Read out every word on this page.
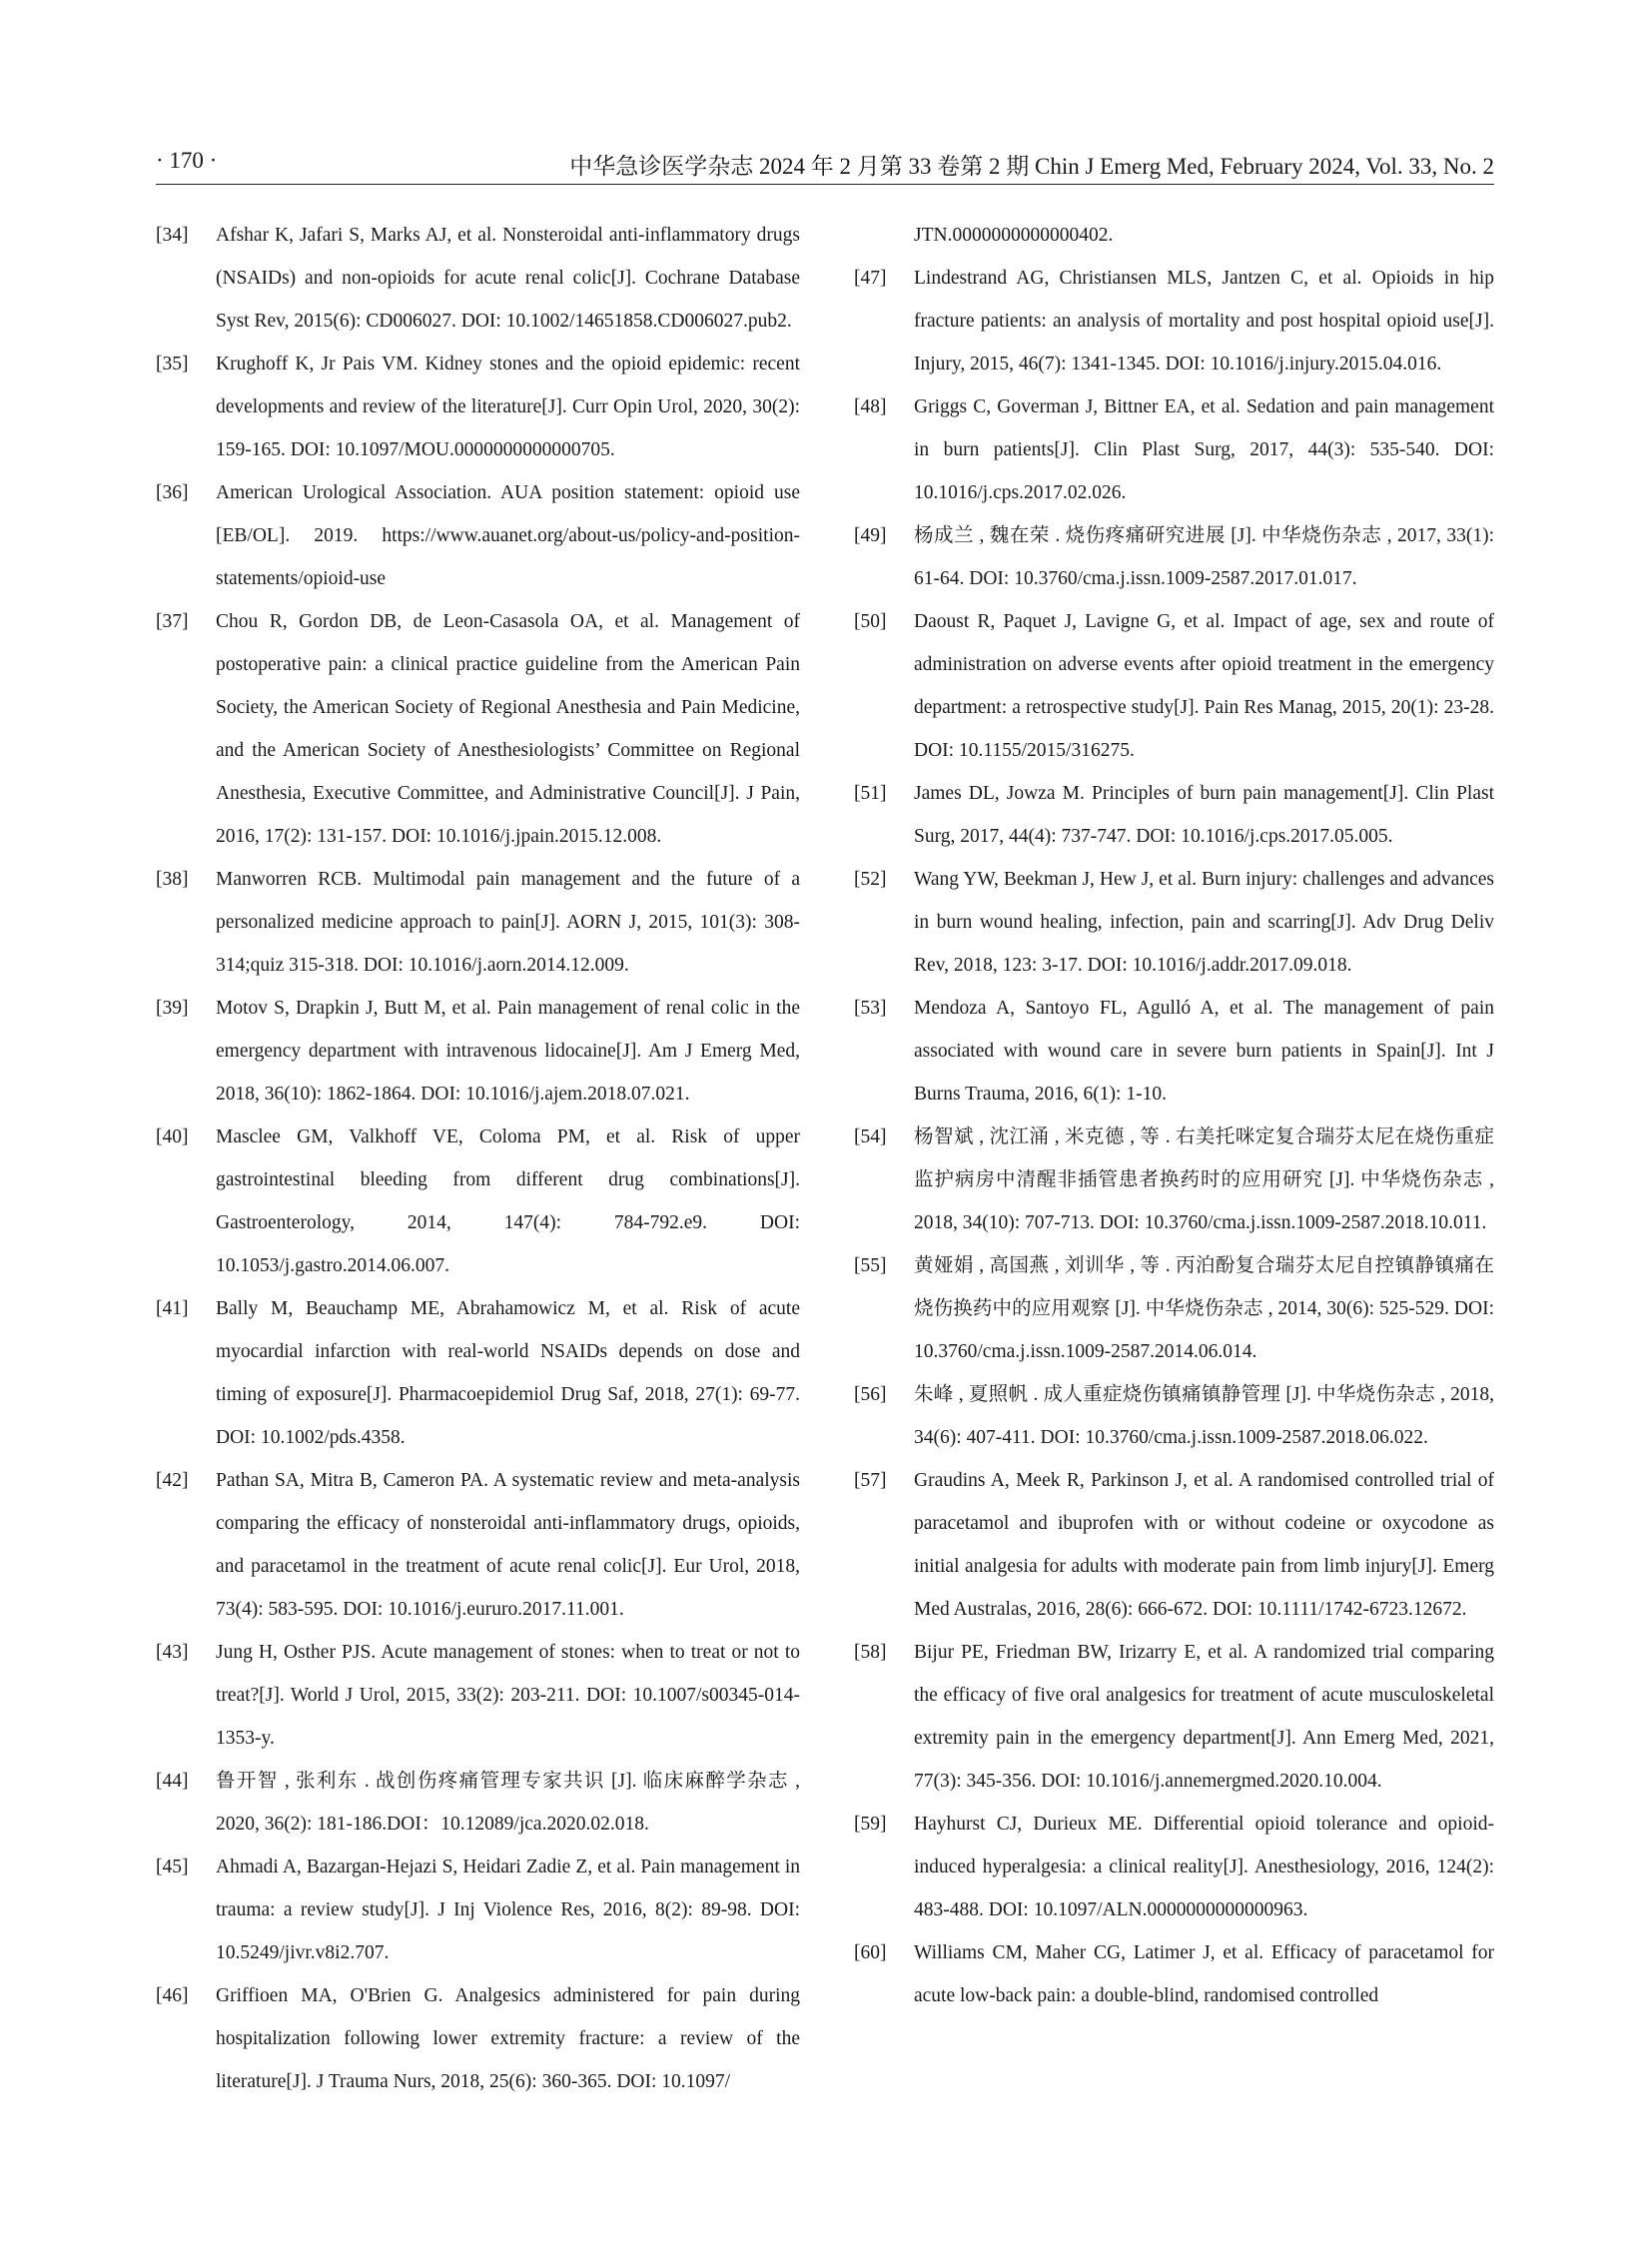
· 170 ·	中华急诊医学杂志 2024 年 2 月第 33 卷第 2 期 Chin J Emerg Med, February 2024, Vol. 33, No. 2
[34]	Afshar K, Jafari S, Marks AJ, et al. Nonsteroidal anti-inflammatory drugs (NSAIDs) and non-opioids for acute renal colic[J]. Cochrane Database Syst Rev, 2015(6): CD006027. DOI: 10.1002/14651858.CD006027.pub2.
[35]	Krughoff K, Jr Pais VM. Kidney stones and the opioid epidemic: recent developments and review of the literature[J]. Curr Opin Urol, 2020, 30(2): 159-165. DOI: 10.1097/MOU.0000000000000705.
[36]	American Urological Association. AUA position statement: opioid use [EB/OL]. 2019. https://www.auanet.org/about-us/policy-and-position-statements/opioid-use
[37]	Chou R, Gordon DB, de Leon-Casasola OA, et al. Management of postoperative pain: a clinical practice guideline from the American Pain Society, the American Society of Regional Anesthesia and Pain Medicine, and the American Society of Anesthesiologists’ Committee on Regional Anesthesia, Executive Committee, and Administrative Council[J]. J Pain, 2016, 17(2): 131-157. DOI: 10.1016/j.jpain.2015.12.008.
[38]	Manworren RCB. Multimodal pain management and the future of a personalized medicine approach to pain[J]. AORN J, 2015, 101(3): 308-314;quiz 315-318. DOI: 10.1016/j.aorn.2014.12.009.
[39]	Motov S, Drapkin J, Butt M, et al. Pain management of renal colic in the emergency department with intravenous lidocaine[J]. Am J Emerg Med, 2018, 36(10): 1862-1864. DOI: 10.1016/j.ajem.2018.07.021.
[40]	Masclee GM, Valkhoff VE, Coloma PM, et al. Risk of upper gastrointestinal bleeding from different drug combinations[J]. Gastroenterology, 2014, 147(4): 784-792.e9. DOI: 10.1053/j.gastro.2014.06.007.
[41]	Bally M, Beauchamp ME, Abrahamowicz M, et al. Risk of acute myocardial infarction with real-world NSAIDs depends on dose and timing of exposure[J]. Pharmacoepidemiol Drug Saf, 2018, 27(1): 69-77. DOI: 10.1002/pds.4358.
[42]	Pathan SA, Mitra B, Cameron PA. A systematic review and meta-analysis comparing the efficacy of nonsteroidal anti-inflammatory drugs, opioids, and paracetamol in the treatment of acute renal colic[J]. Eur Urol, 2018, 73(4): 583-595. DOI: 10.1016/j.eururo.2017.11.001.
[43]	Jung H, Osther PJS. Acute management of stones: when to treat or not to treat?[J]. World J Urol, 2015, 33(2): 203-211. DOI: 10.1007/s00345-014-1353-y.
[44]	鲁开智 , 张利东 . 战创伤疼痛管理专家共识 [J]. 临床麻醉学杂志 , 2020, 36(2): 181-186.DOI：10.12089/jca.2020.02.018.
[45]	Ahmadi A, Bazargan-Hejazi S, Heidari Zadie Z, et al. Pain management in trauma: a review study[J]. J Inj Violence Res, 2016, 8(2): 89-98. DOI: 10.5249/jivr.v8i2.707.
[46]	Griffioen MA, O'Brien G. Analgesics administered for pain during hospitalization following lower extremity fracture: a review of the literature[J]. J Trauma Nurs, 2018, 25(6): 360-365. DOI: 10.1097/
JTN.0000000000000402.
[47]	Lindestrand AG, Christiansen MLS, Jantzen C, et al. Opioids in hip fracture patients: an analysis of mortality and post hospital opioid use[J]. Injury, 2015, 46(7): 1341-1345. DOI: 10.1016/j.injury.2015.04.016.
[48]	Griggs C, Goverman J, Bittner EA, et al. Sedation and pain management in burn patients[J]. Clin Plast Surg, 2017, 44(3): 535-540. DOI: 10.1016/j.cps.2017.02.026.
[49]	杨成兰 , 魏在荣 . 烧伤疼痛研究进展 [J]. 中华烧伤杂志 , 2017, 33(1): 61-64. DOI: 10.3760/cma.j.issn.1009-2587.2017.01.017.
[50]	Daoust R, Paquet J, Lavigne G, et al. Impact of age, sex and route of administration on adverse events after opioid treatment in the emergency department: a retrospective study[J]. Pain Res Manag, 2015, 20(1): 23-28. DOI: 10.1155/2015/316275.
[51]	James DL, Jowza M. Principles of burn pain management[J]. Clin Plast Surg, 2017, 44(4): 737-747. DOI: 10.1016/j.cps.2017.05.005.
[52]	Wang YW, Beekman J, Hew J, et al. Burn injury: challenges and advances in burn wound healing, infection, pain and scarring[J]. Adv Drug Deliv Rev, 2018, 123: 3-17. DOI: 10.1016/j.addr.2017.09.018.
[53]	Mendoza A, Santoyo FL, Agulló A, et al. The management of pain associated with wound care in severe burn patients in Spain[J]. Int J Burns Trauma, 2016, 6(1): 1-10.
[54]	杨智斌 , 沈江涌 , 米克德 , 等 . 右美托咪定复合瑞芬太尼在烧伤重症监护病房中清醒非插管患者换药时的应用研究 [J]. 中华烧伤杂志 , 2018, 34(10): 707-713. DOI: 10.3760/cma.j.issn.1009-2587.2018.10.011.
[55]	黄娅娟 , 高国燕 , 刘训华 , 等 . 丙泊酚复合瑞芬太尼自控镇静镇痛在烧伤换药中的应用观察 [J]. 中华烧伤杂志 , 2014, 30(6): 525-529. DOI: 10.3760/cma.j.issn.1009-2587.2014.06.014.
[56]	朱峰 , 夏照帆 . 成人重症烧伤镇痛镇静管理 [J]. 中华烧伤杂志 , 2018, 34(6): 407-411. DOI: 10.3760/cma.j.issn.1009-2587.2018.06.022.
[57]	Graudins A, Meek R, Parkinson J, et al. A randomised controlled trial of paracetamol and ibuprofen with or without codeine or oxycodone as initial analgesia for adults with moderate pain from limb injury[J]. Emerg Med Australas, 2016, 28(6): 666-672. DOI: 10.1111/1742-6723.12672.
[58]	Bijur PE, Friedman BW, Irizarry E, et al. A randomized trial comparing the efficacy of five oral analgesics for treatment of acute musculoskeletal extremity pain in the emergency department[J]. Ann Emerg Med, 2021, 77(3): 345-356. DOI: 10.1016/j.annemergmed.2020.10.004.
[59]	Hayhurst CJ, Durieux ME. Differential opioid tolerance and opioid-induced hyperalgesia: a clinical reality[J]. Anesthesiology, 2016, 124(2): 483-488. DOI: 10.1097/ALN.0000000000000963.
[60]	Williams CM, Maher CG, Latimer J, et al. Efficacy of paracetamol for acute low-back pain: a double-blind, randomised controlled
